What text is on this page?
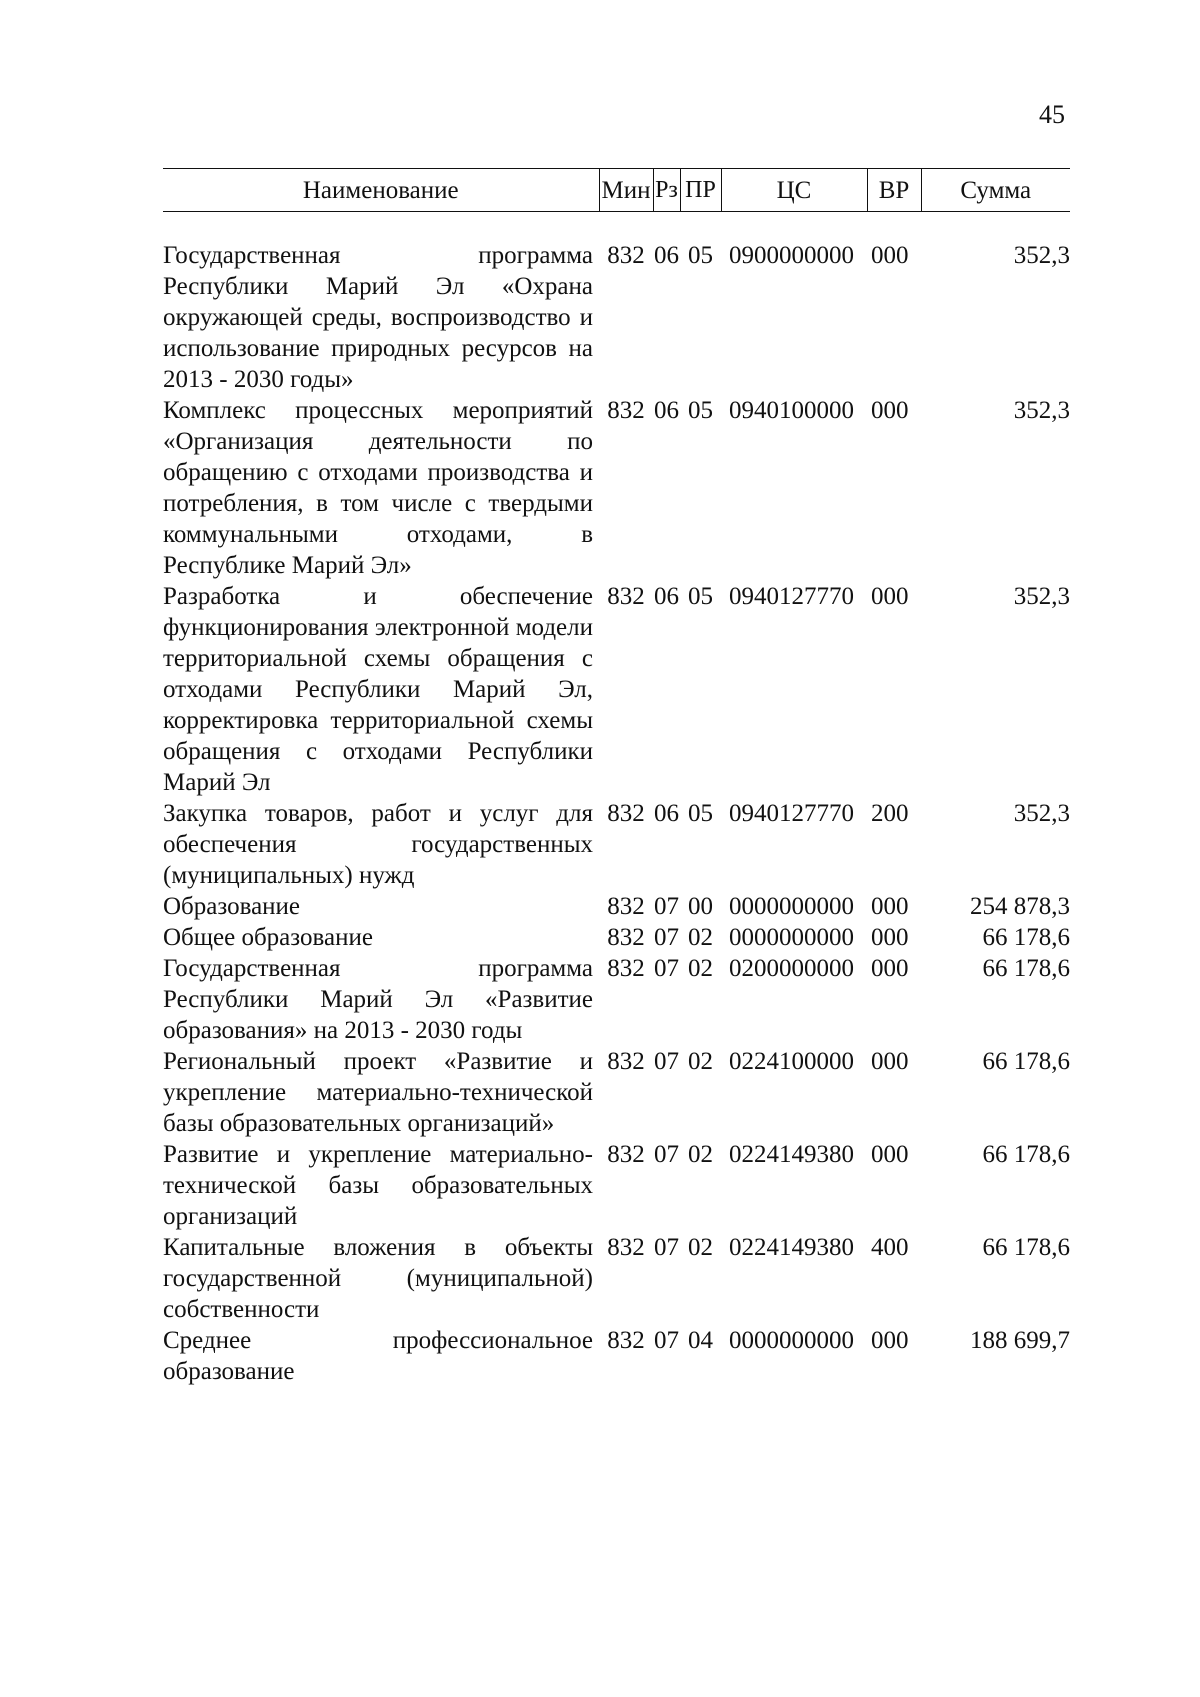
45
Наименование	Мин	Рз	ПР	ЦС	ВР	Сумма

Государственная программа Республики Марий Эл «Охрана окружающей среды, воспроизводство и использование природных ресурсов на 2013 - 2030 годы»	832	06	05	0900000000	000	352,3
Комплекс процессных мероприятий «Организация деятельности по обращению с отходами производства и потребления, в том числе с твердыми коммунальными отходами, в Республике Марий Эл»	832	06	05	0940100000	000	352,3
Разработка и обеспечение функционирования электронной модели территориальной схемы обращения с отходами Республики Марий Эл, корректировка территориальной схемы обращения с отходами Республики Марий Эл	832	06	05	0940127770	000	352,3
Закупка товаров, работ и услуг для обеспечения государственных (муниципальных) нужд	832	06	05	0940127770	200	352,3
Образование	832	07	00	0000000000	000	254 878,3
Общее образование	832	07	02	0000000000	000	66 178,6
Государственная программа Республики Марий Эл «Развитие образования» на 2013 - 2030 годы	832	07	02	0200000000	000	66 178,6
Региональный проект «Развитие и укрепление материально-технической базы образовательных организаций»	832	07	02	0224100000	000	66 178,6
Развитие и укрепление материально-технической базы образовательных организаций	832	07	02	0224149380	000	66 178,6
Капитальные вложения в объекты государственной (муниципальной) собственности	832	07	02	0224149380	400	66 178,6
Среднее профессиональное образование	832	07	04	0000000000	000	188 699,7
